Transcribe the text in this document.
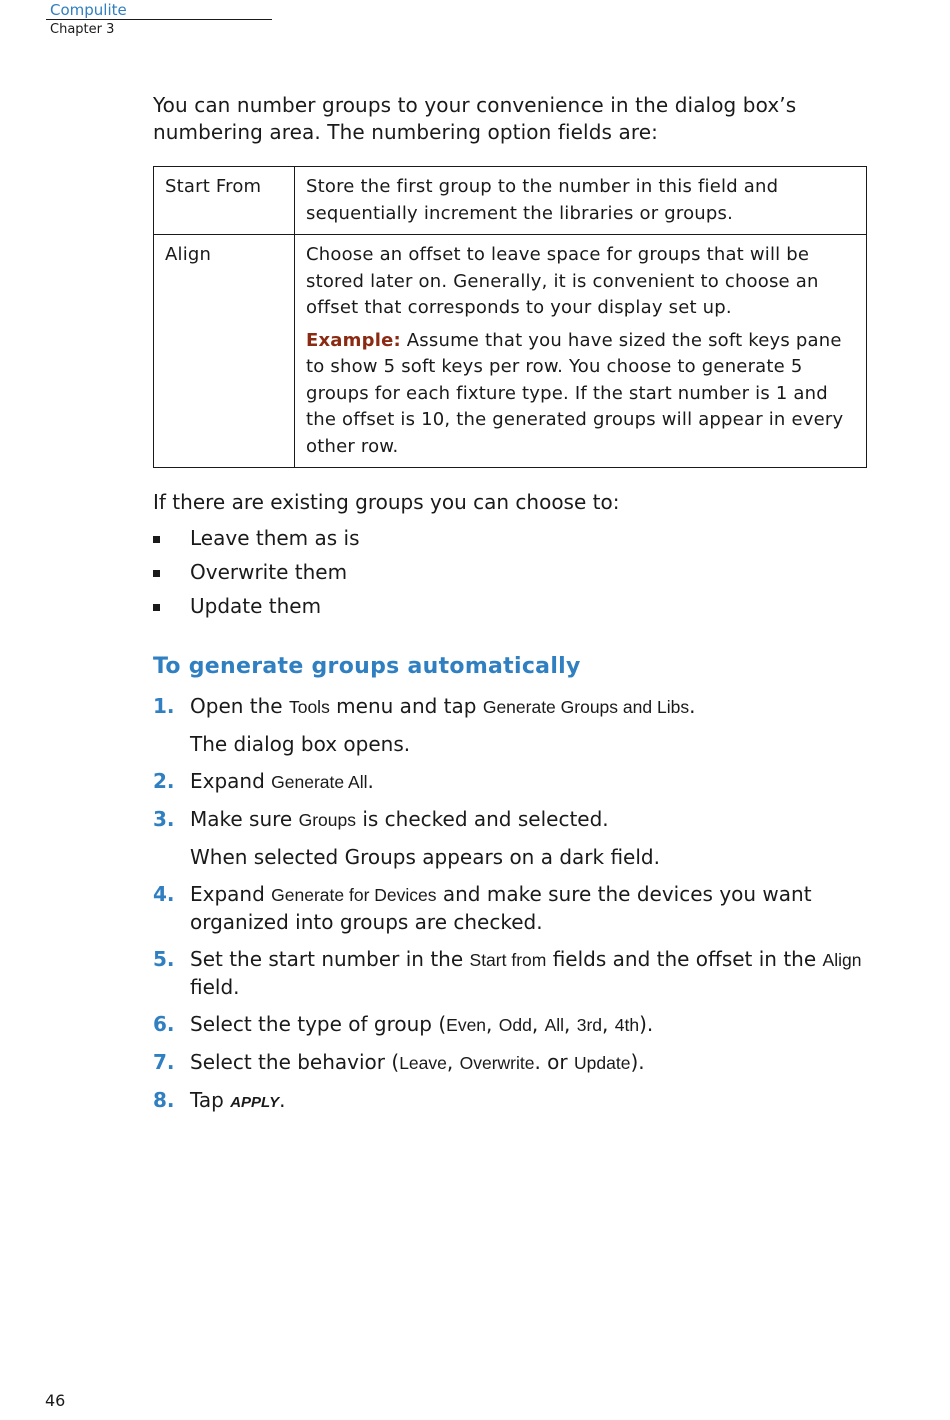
Compulite
Chapter 3

You can number groups to your convenience in the dialog box’s numbering area. The numbering option fields are:

Start From	Store the first group to the number in this field and sequentially increment the libraries or groups.

Align	Choose an offset to leave space for groups that will be stored later on. Generally, it is convenient to choose an offset that corresponds to your display set up.

Example: Assume that you have sized the soft keys pane to show 5 soft keys per row. You choose to generate 5 groups for each fixture type. If the start number is 1 and the offset is 10, the generated groups will appear in every other row.

If there are existing groups you can choose to:

Leave them as is
Overwrite them
Update them
To generate groups automatically
1. Open the Tools menu and tap Generate Groups and Libs.
The dialog box opens.
2. Expand Generate All.
3. Make sure Groups is checked and selected.
When selected Groups appears on a dark field.
4. Expand Generate for Devices and make sure the devices you want organized into groups are checked.
5. Set the start number in the Start from fields and the offset in the Align field.
6. Select the type of group (Even, Odd, All, 3rd, 4th).
7. Select the behavior (Leave, Overwrite. or Update).
8. Tap APPLY.
46
